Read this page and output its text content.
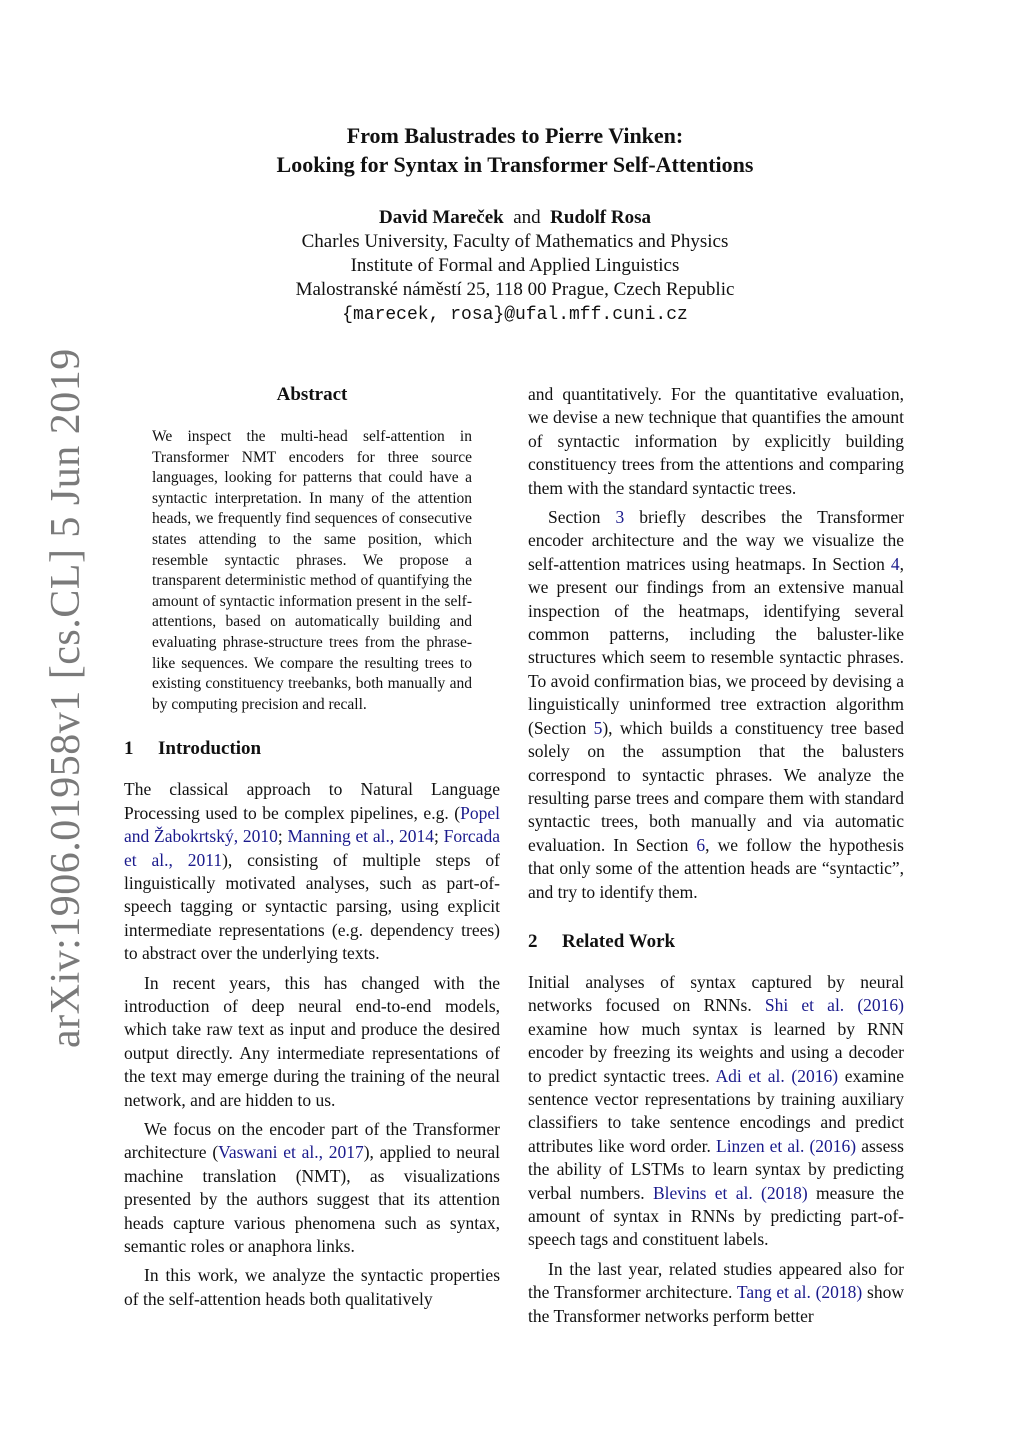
arXiv:1906.01958v1 [cs.CL] 5 Jun 2019
From Balustrades to Pierre Vinken:
Looking for Syntax in Transformer Self-Attentions
David Mareček and Rudolf Rosa
Charles University, Faculty of Mathematics and Physics
Institute of Formal and Applied Linguistics
Malostranské náměstí 25, 118 00 Prague, Czech Republic
{marecek, rosa}@ufal.mff.cuni.cz
Abstract
We inspect the multi-head self-attention in Transformer NMT encoders for three source languages, looking for patterns that could have a syntactic interpretation. In many of the attention heads, we frequently find sequences of consecutive states attending to the same position, which resemble syntactic phrases. We propose a transparent deterministic method of quantifying the amount of syntactic information present in the self-attentions, based on automatically building and evaluating phrase-structure trees from the phrase-like sequences. We compare the resulting trees to existing constituency treebanks, both manually and by computing precision and recall.
1 Introduction

The classical approach to Natural Language Processing used to be complex pipelines, e.g. (Popel and Žabokrtský, 2010; Manning et al., 2014; Forcada et al., 2011), consisting of multiple steps of linguistically motivated analyses, such as part-of-speech tagging or syntactic parsing, using explicit intermediate representations (e.g. dependency trees) to abstract over the underlying texts.

In recent years, this has changed with the introduction of deep neural end-to-end models, which take raw text as input and produce the desired output directly. Any intermediate representations of the text may emerge during the training of the neural network, and are hidden to us.

We focus on the encoder part of the Transformer architecture (Vaswani et al., 2017), applied to neural machine translation (NMT), as visualizations presented by the authors suggest that its attention heads capture various phenomena such as syntax, semantic roles or anaphora links.

In this work, we analyze the syntactic properties of the self-attention heads both qualitatively

and quantitatively. For the quantitative evaluation, we devise a new technique that quantifies the amount of syntactic information by explicitly building constituency trees from the attentions and comparing them with the standard syntactic trees.

Section 3 briefly describes the Transformer encoder architecture and the way we visualize the self-attention matrices using heatmaps. In Section 4, we present our findings from an extensive manual inspection of the heatmaps, identifying several common patterns, including the baluster-like structures which seem to resemble syntactic phrases. To avoid confirmation bias, we proceed by devising a linguistically uninformed tree extraction algorithm (Section 5), which builds a constituency tree based solely on the assumption that the balusters correspond to syntactic phrases. We analyze the resulting parse trees and compare them with standard syntactic trees, both manually and via automatic evaluation. In Section 6, we follow the hypothesis that only some of the attention heads are “syntactic”, and try to identify them.

2 Related Work

Initial analyses of syntax captured by neural networks focused on RNNs. Shi et al. (2016) examine how much syntax is learned by RNN encoder by freezing its weights and using a decoder to predict syntactic trees. Adi et al. (2016) examine sentence vector representations by training auxiliary classifiers to take sentence encodings and predict attributes like word order. Linzen et al. (2016) assess the ability of LSTMs to learn syntax by predicting verbal numbers. Blevins et al. (2018) measure the amount of syntax in RNNs by predicting part-of-speech tags and constituent labels.

In the last year, related studies appeared also for the Transformer architecture. Tang et al. (2018) show the Transformer networks perform better
